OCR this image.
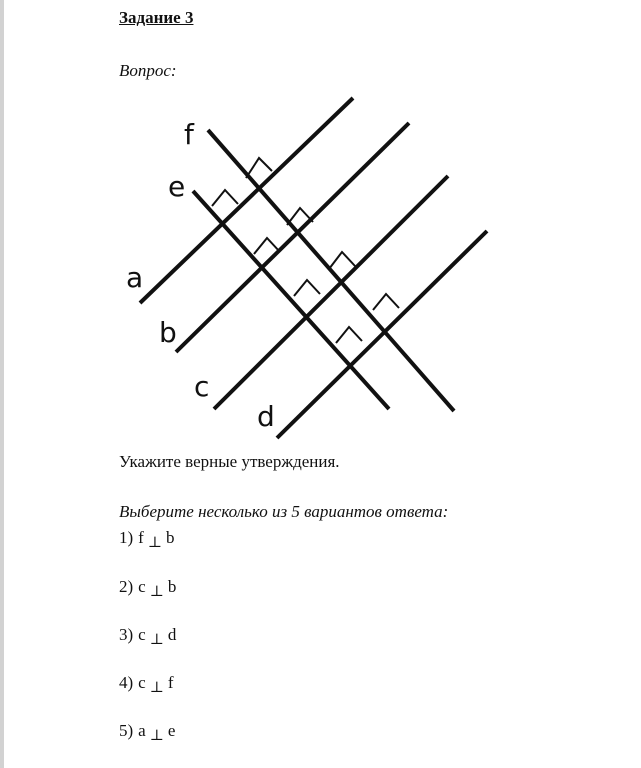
Задание 3
Вопрос:
f
e
a
b
c
d
Укажите верные утверждения.
Выберите несколько из 5 вариантов ответа:
1) f ⊥ b
2) c ⊥ b
3) c ⊥ d
4) c ⊥ f
5) a ⊥ e
